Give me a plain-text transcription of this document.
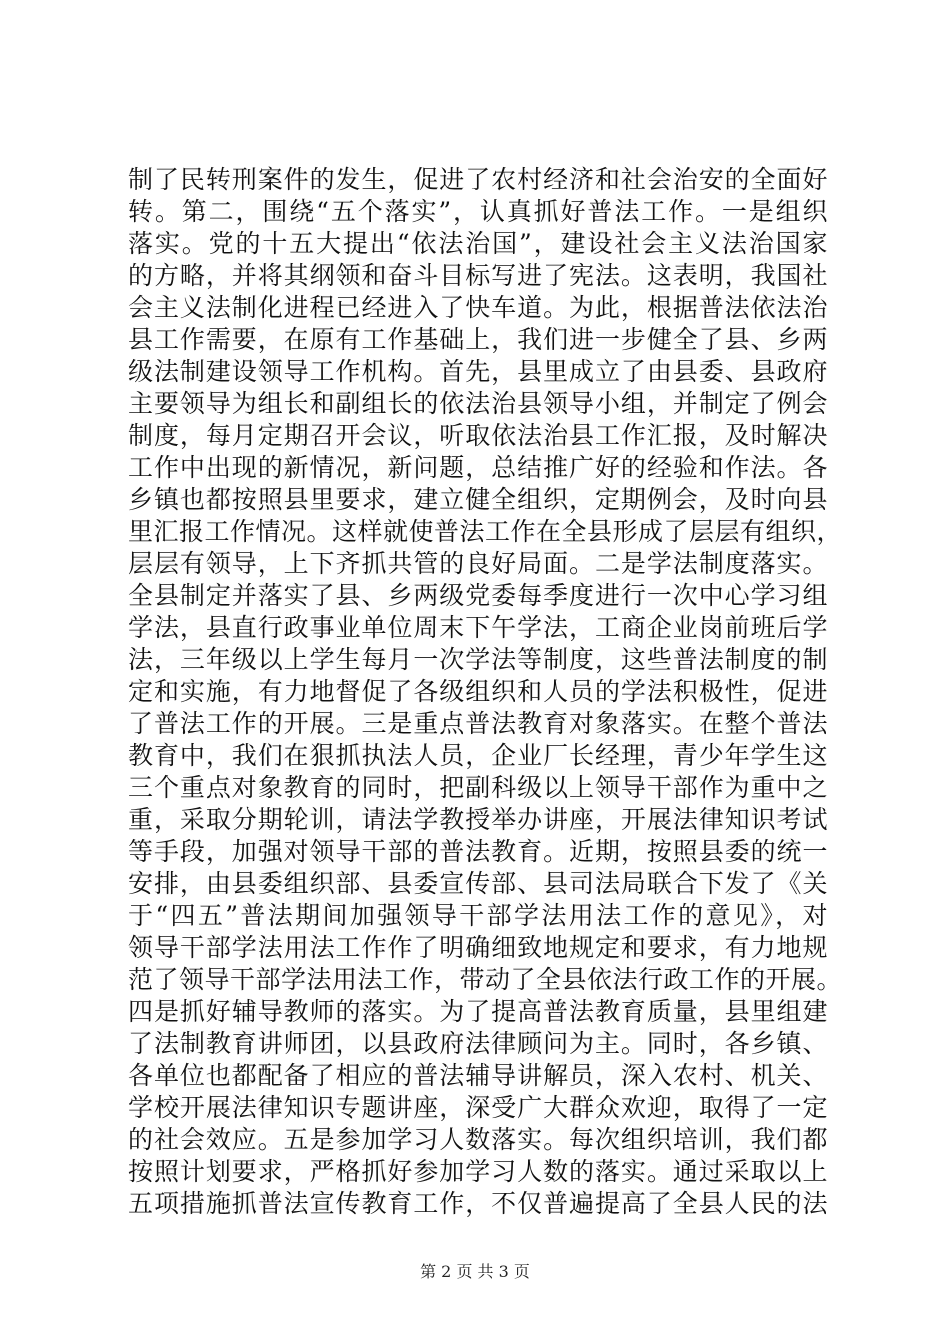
制了民转刑案件的发生，促进了农村经济和社会治安的全面好
转。第二，围绕“五个落实”，认真抓好普法工作。一是组织
落实。党的十五大提出“依法治国”，建设社会主义法治国家
的方略，并将其纲领和奋斗目标写进了宪法。这表明，我国社
会主义法制化进程已经进入了快车道。为此，根据普法依法治
县工作需要，在原有工作基础上，我们进一步健全了县、乡两
级法制建设领导工作机构。首先，县里成立了由县委、县政府
主要领导为组长和副组长的依法治县领导小组，并制定了例会
制度，每月定期召开会议，听取依法治县工作汇报，及时解决
工作中出现的新情况，新问题，总结推广好的经验和作法。各
乡镇也都按照县里要求，建立健全组织，定期例会，及时向县
里汇报工作情况。这样就使普法工作在全县形成了层层有组织，
层层有领导，上下齐抓共管的良好局面。二是学法制度落实。
全县制定并落实了县、乡两级党委每季度进行一次中心学习组
学法，县直行政事业单位周末下午学法，工商企业岗前班后学
法，三年级以上学生每月一次学法等制度，这些普法制度的制
定和实施，有力地督促了各级组织和人员的学法积极性，促进
了普法工作的开展。三是重点普法教育对象落实。在整个普法
教育中，我们在狠抓执法人员，企业厂长经理，青少年学生这
三个重点对象教育的同时，把副科级以上领导干部作为重中之
重，采取分期轮训，请法学教授举办讲座，开展法律知识考试
等手段，加强对领导干部的普法教育。近期，按照县委的统一
安排，由县委组织部、县委宣传部、县司法局联合下发了《关
于“四五”普法期间加强领导干部学法用法工作的意见》，对
领导干部学法用法工作作了明确细致地规定和要求，有力地规
范了领导干部学法用法工作，带动了全县依法行政工作的开展。
四是抓好辅导教师的落实。为了提高普法教育质量，县里组建
了法制教育讲师团，以县政府法律顾问为主。同时，各乡镇、
各单位也都配备了相应的普法辅导讲解员，深入农村、机关、
学校开展法律知识专题讲座，深受广大群众欢迎，取得了一定
的社会效应。五是参加学习人数落实。每次组织培训，我们都
按照计划要求，严格抓好参加学习人数的落实。通过采取以上
五项措施抓普法宣传教育工作，不仅普遍提高了全县人民的法
第 2 页 共 3 页
